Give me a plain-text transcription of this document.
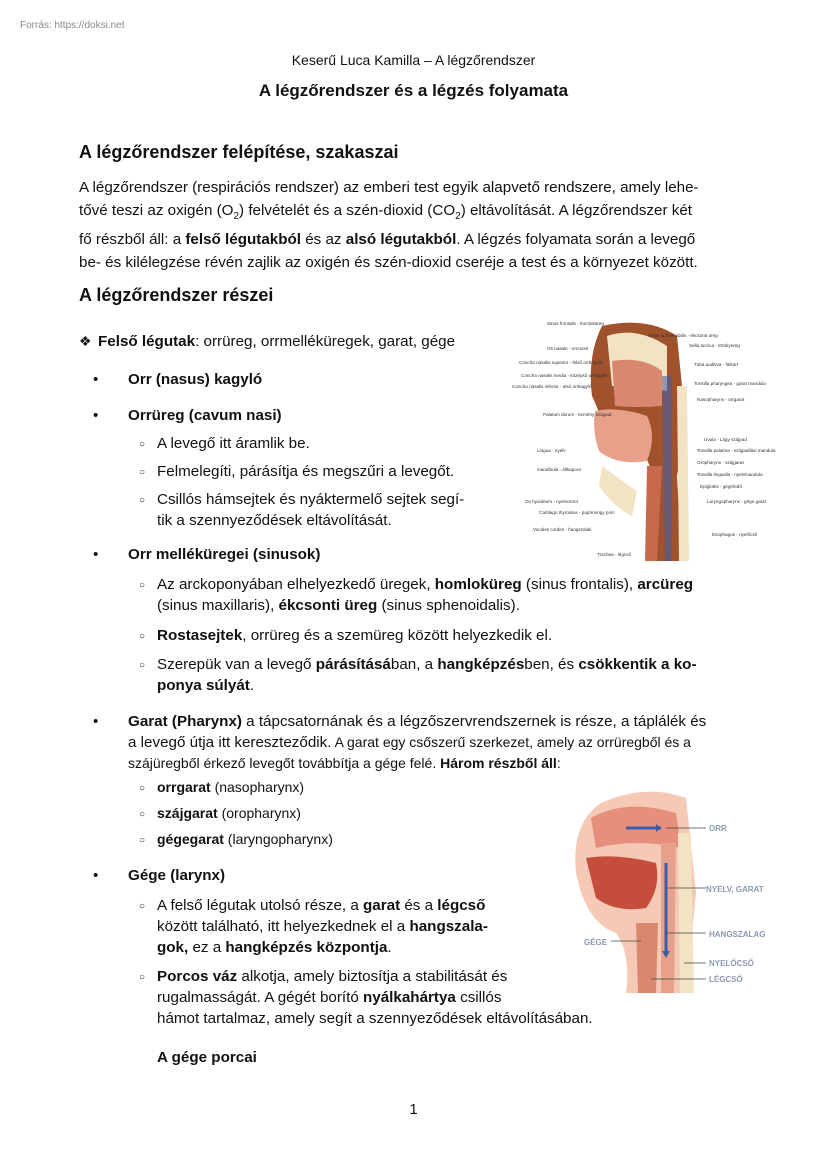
Forrás: https://doksi.net
Keserű Luca Kamilla – A légzőrendszer
A légzőrendszer és a légzés folyamata
A légzőrendszer felépítése, szakaszai

A légzőrendszer (respirációs rendszer) az emberi test egyik alapvető rendszere, amely lehe-
tővé teszi az oxigén $(O_2)$ felvételét és a szén-dioxid $(CO_2)$ eltávolítását. A légzőrendszer két
fő részből áll: a felső légutakból és az alsó légutakból. A légzés folyamata során a levegő
be- és kilélegzése révén zajlik az oxigén és szén-dioxid cseréje a test és a környezet között.

A légzőrendszer részei
❖ Felső légutak: orrüreg, orrmelléküregek, garat, gége
• Orr (nasus) kagyló
• Orrüreg (cavum nasi)
○ A levegő itt áramlik be.
○ Felmelegíti, párásítja és megszűri a levegőt.
○ Csillós hámsejtek és nyáktermelő sejtek segí-
tik a szennyeződések eltávolítását.
• Orr melléküregei (sinusok)
○ Az arckoponyában elhelyezkedő üregek, homloküreg (sinus frontalis), arcüreg
(sinus maxillaris), ékcsonti üreg (sinus sphenoidalis).
○ Rostasejtek, orrüreg és a szemüreg között helyezkedik el.
○ Szerepük van a levegő párásításában, a hangképzésben, és csökkentik a ko-
ponya súlyát.
• Garat (Pharynx) a tápcsatornának és a légzőszervrendszernek is része, a táplálék és
a levegő útja itt kereszteződik. A garat egy csőszerű szerkezet, amely az orrüregből és a
szájüregből érkező levegőt továbbítja a gége felé. Három részből áll:
○ orrgarat (nasopharynx)
○ szájgarat (oropharynx)
○ gégegarat (laryngopharynx)
• Gége (larynx)
○ A felső légutak utolsó része, a garat és a légcső
között található, itt helyezkednek el a hangszala-
gok, ez a hangképzés központja.
○ Porcos váz alkotja, amely biztosítja a stabilitását és
rugalmasságát. A gégét borító nyálkahártya csillós
hámot tartalmaz, amely segít a szennyeződések eltávolításában.
A gége porcai
Sinus frontalis - homloküreg
Os nasale - orrcsont
Concha nasalis superior - felső orrkagyló
Concha nasalis media - középső orrkagyló
Concha nasalis inferior - alsó orrkagyló
Palatum durum - kemény szájpad
Lingua - nyelv
mandibula - állkapocs
Os hyoideum - nyelvcsont
Cartilago thyroidea - pajzsmirigy porc
Vocales cordes - hangszalak
Trachea - légcső
Sinus sphenoidalis - ékcsonti üreg
Sella turcica - törökyereg
Tuba auditiva - fülkürt
Tonsilla pharyngea - garat mandula
Nasopharynx - orrgarat
Uvula - Lágy szájpad
Tonsilla palatina - szájpadlási mandula
Oropharynx - szájgarat
Tonsilla lingualis - nyelvmandula
Epiglottis - gégefedő
Laryngopharynx - gége garat
Esophagus - nyelőcső
ORR
NYELV, GARAT
HANGSZALAG
GÉGE
NYELŐCSŐ
LÉGCSŐ
1
